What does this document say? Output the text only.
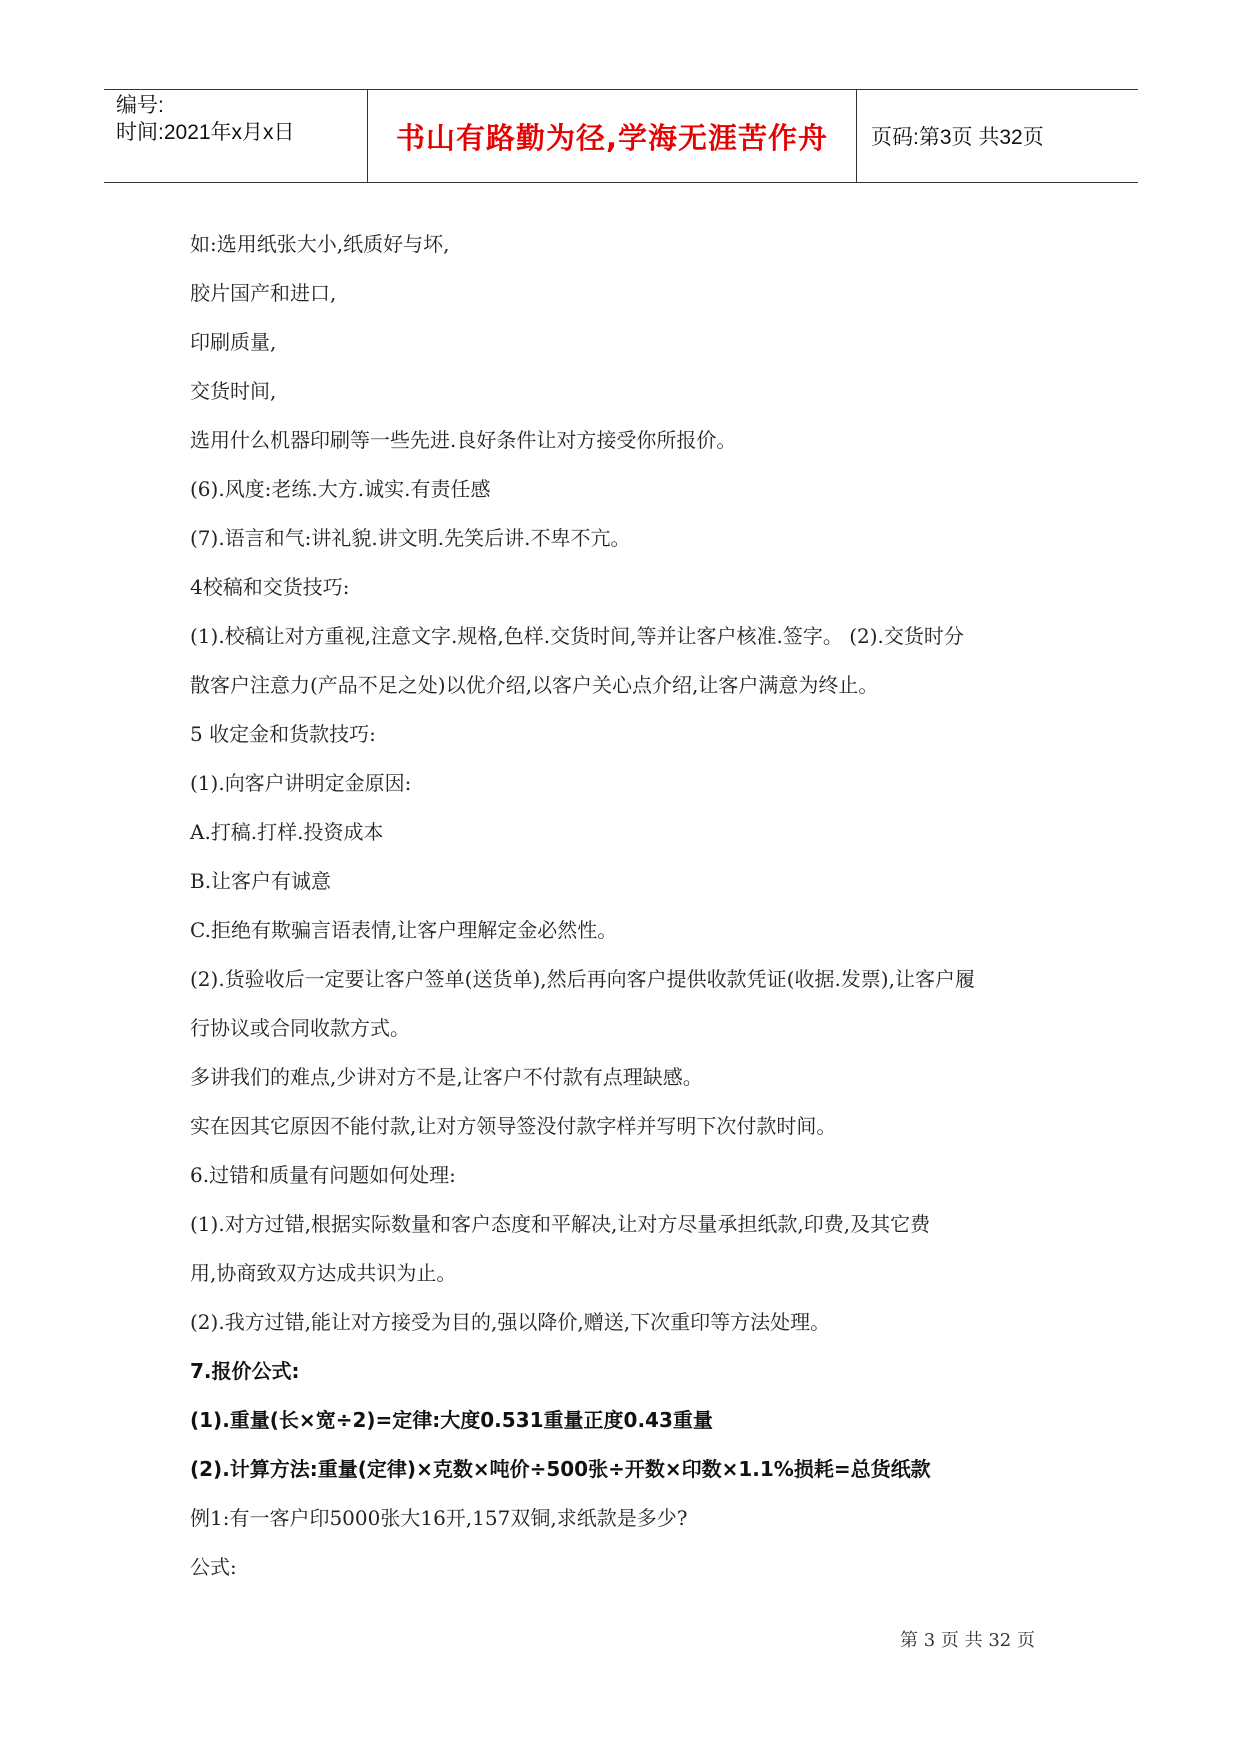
编号:
时间:2021年x月x日	书山有路勤为径,学海无涯苦作舟	页码:第3页 共32页
如:选用纸张大小,纸质好与坏,
胶片国产和进口,
印刷质量,
交货时间,
选用什么机器印刷等一些先进.良好条件让对方接受你所报价。
(6).风度:老练.大方.诚实.有责任感
(7).语言和气:讲礼貌.讲文明.先笑后讲.不卑不亢。
4校稿和交货技巧:
(1).校稿让对方重视,注意文字.规格,色样.交货时间,等并让客户核准.签字。 (2).交货时分
散客户注意力(产品不足之处)以优介绍,以客户关心点介绍,让客户满意为终止。
5 收定金和货款技巧:
(1).向客户讲明定金原因:
A.打稿.打样.投资成本
B.让客户有诚意
C.拒绝有欺骗言语表情,让客户理解定金必然性。
(2).货验收后一定要让客户签单(送货单),然后再向客户提供收款凭证(收据.发票),让客户履
行协议或合同收款方式。
多讲我们的难点,少讲对方不是,让客户不付款有点理缺感。
实在因其它原因不能付款,让对方领导签没付款字样并写明下次付款时间。
6.过错和质量有问题如何处理:
(1).对方过错,根据实际数量和客户态度和平解决,让对方尽量承担纸款,印费,及其它费
用,协商致双方达成共识为止。
(2).我方过错,能让对方接受为目的,强以降价,赠送,下次重印等方法处理。
7.报价公式:
(1).重量(长×宽÷2)=定律:大度0.531重量正度0.43重量
(2).计算方法:重量(定律)×克数×吨价÷500张÷开数×印数×1.1%损耗=总货纸款
例1:有一客户印5000张大16开,157双铜,求纸款是多少?
公式:
第 3 页 共 32 页
